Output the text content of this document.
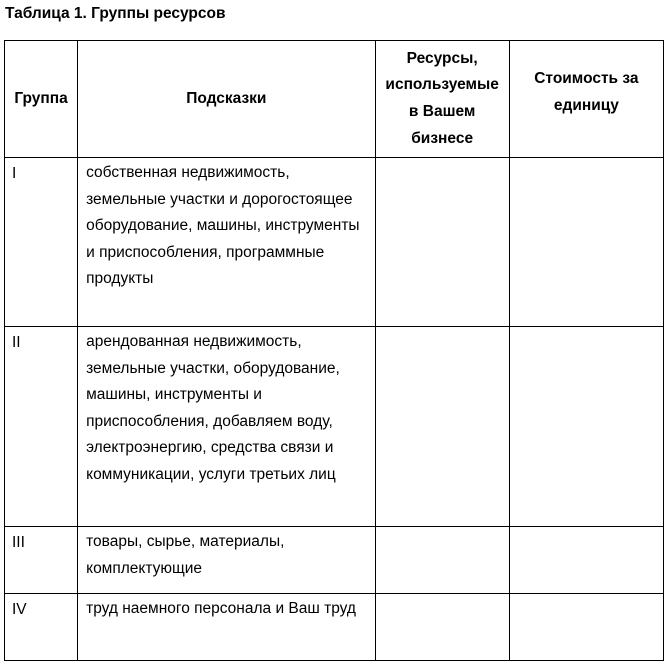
Таблица 1. Группы ресурсов
Группа	Подсказки	Ресурсы, используемые в Вашем бизнесе	Стоимость за единицу
I	собственная недвижимость, земельные участки и дорогостоящее оборудование, машины, инструменты и приспособления, программные продукты		
II	арендованная недвижимость, земельные участки, оборудование, машины, инструменты и приспособления, добавляем воду, электроэнергию, средства связи и коммуникации, услуги третьих лиц		
III	товары, сырье, материалы, комплектующие		
IV	труд наемного персонала и Ваш труд		
